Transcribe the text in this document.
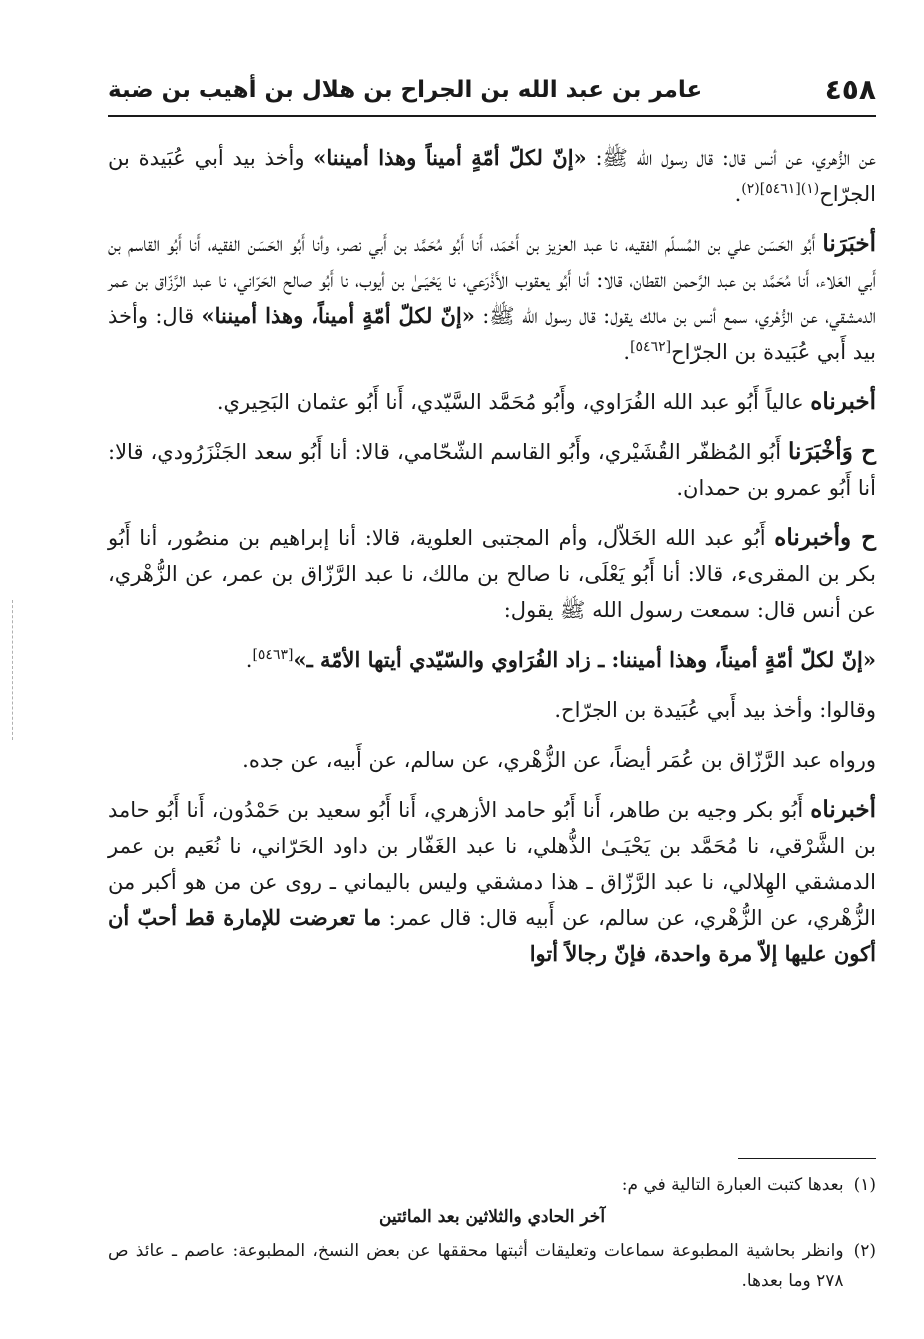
٤٥٨
عامر بن عبد الله بن الجراح بن هلال بن أهيب بن ضبة

عن الزُّهري، عن أنس قال: قال رسول الله ﷺ: «إنّ لكلّ أمّةٍ أميناً وهذا أميننا» وأخذ بيد أبي عُبَيدة بن الجرّاح$^{(١)[٥٤٦١](٢)}$.

أخبَرَنا أَبُو الحَسَن علي بن المُسلّم الفقيه، نا عبد العزيز بن أَحْمَد، أَنا أَبُو مُحَمَّد بن أَبي نصر، وأنا أَبُو الحَسَن الفقيه، أَنا أَبُو القاسم بن أَبي العَلاء، أَنا مُحَمَّد بن عبد الرَّحمن القطان، قالا: أنا أَبُو يعقوب الأَذْرَعي، نا يَحْيَـىٰ بن أيوب، نا أَبُو صالح الحَرّاني، نا عبد الرَّزّاق بن عمر الدمشقي، عن الزُّهْري، سمع أنس بن مالك يقول: قال رسول الله ﷺ: «إنّ لكلّ أمّةٍ أميناً، وهذا أميننا» قال: وأخذ بيد أَبي عُبَيدة بن الجرّاح[٥٤٦٢].

أخبرناه عالياً أَبُو عبد الله الفُرَاوي، وأَبُو مُحَمَّد السَّيّدي، أَنا أَبُو عثمان البَحِيري.

ح وَأخْبَرَنا أَبُو المُظفّر القُشَيْري، وأَبُو القاسم الشّحّامي، قالا: أنا أَبُو سعد الجَنْزَرُودي، قالا: أنا أَبُو عمرو بن حمدان.

ح وأخبرناه أَبُو عبد الله الخَلاّل، وأم المجتبى العلوية، قالا: أنا إبراهيم بن منصُور، أنا أَبُو بكر بن المقرىء، قالا: أنا أَبُو يَعْلَى، نا صالح بن مالك، نا عبد الرَّزّاق بن عمر، عن الزُّهْري، عن أنس قال: سمعت رسول الله ﷺ يقول:

«إنّ لكلّ أمّةٍ أميناً، وهذا أميننا: ـ زاد الفُرَاوي والسّيّدي أيتها الأمّة ـ»[٥٤٦٣].

وقالوا: وأخذ بيد أَبي عُبَيدة بن الجرّاح.

ورواه عبد الرَّزّاق بن عُمَر أيضاً، عن الزُّهْري، عن سالم، عن أَبيه، عن جده.

أخبرناه أَبُو بكر وجيه بن طاهر، أَنا أَبُو حامد الأزهري، أَنا أَبُو سعيد بن حَمْدُون، أَنا أَبُو حامد بن الشَّرْقي، نا مُحَمَّد بن يَحْيَـىٰ الذُّهلي، نا عبد الغَفّار بن داود الحَرّاني، نا نُعَيم بن عمر الدمشقي الهِلالي، نا عبد الرَّزّاق ـ هذا دمشقي وليس باليماني ـ روى عن من هو أكبر من الزُّهْري، عن الزُّهْري، عن سالم، عن أَبيه قال: قال عمر: ما تعرضت للإمارة قط أحبّ أن أكون عليها إلاّ مرة واحدة، فإنّ رجالاً أتوا

(١)
بعدها كتبت العبارة التالية في م:

آخر الحادي والثلاثين بعد المائتين

(٢)
وانظر بحاشية المطبوعة سماعات وتعليقات أثبتها محققها عن بعض النسخ، المطبوعة: عاصم ـ عائذ ص ٢٧٨ وما بعدها.
